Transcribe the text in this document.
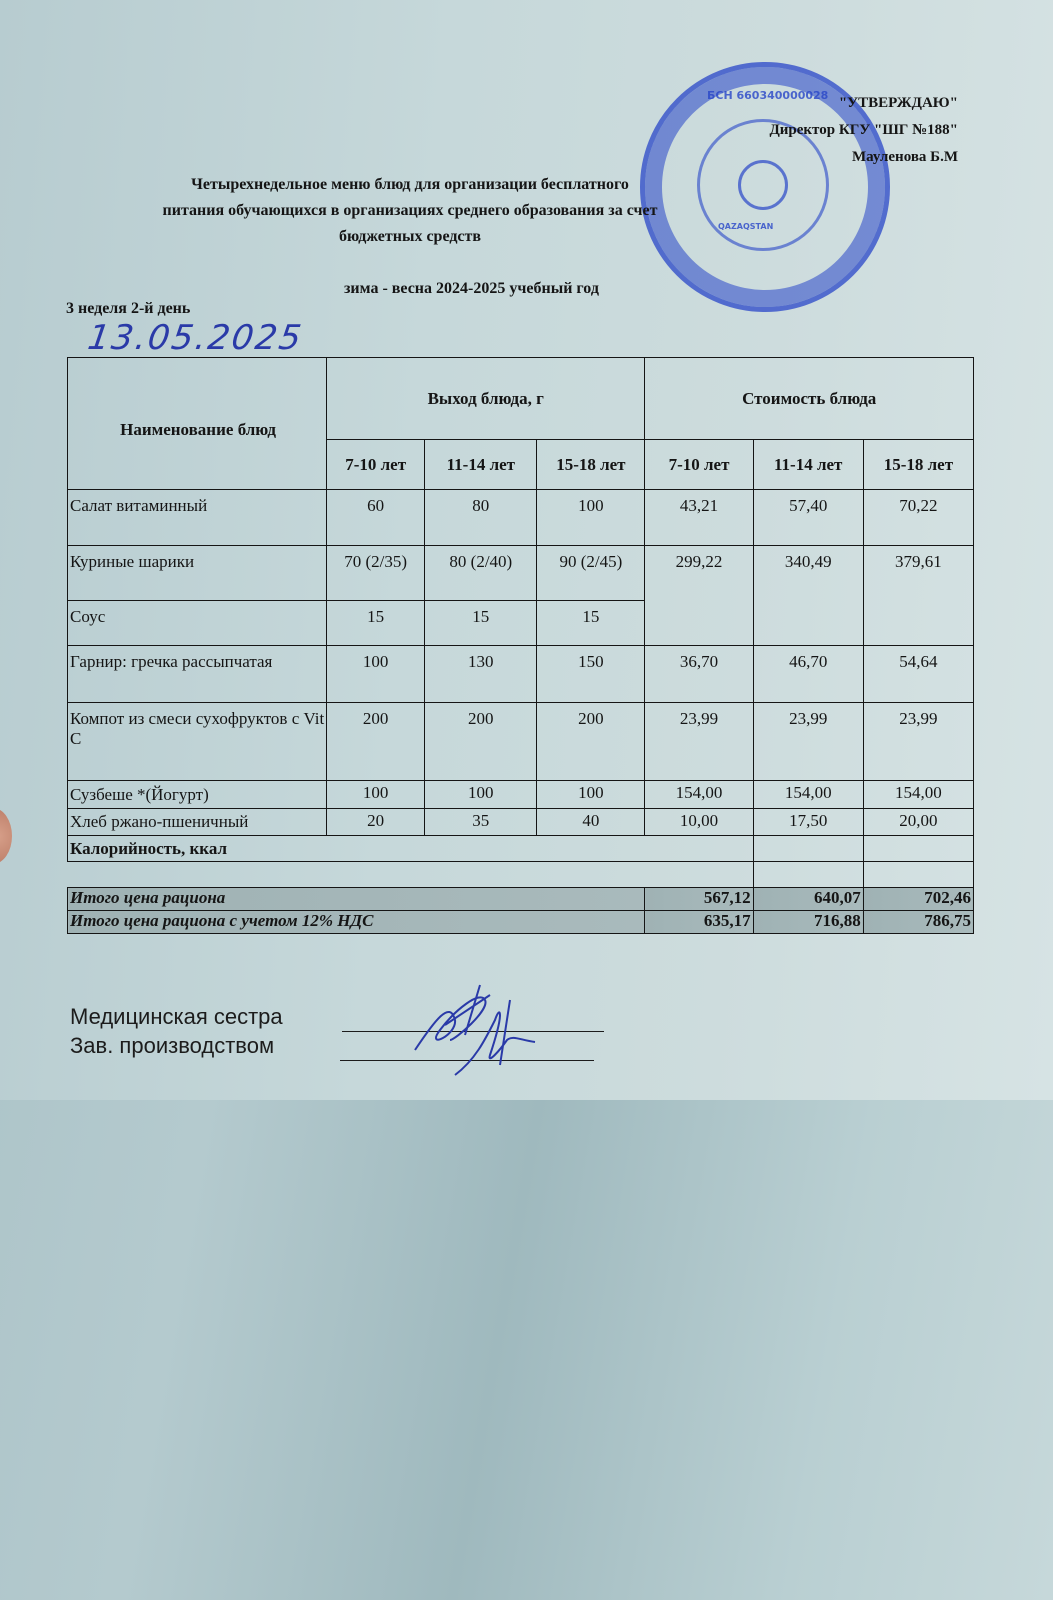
QAZAQSTAN
БСН 660340000028 "УТВЕРЖДАЮ"
Директор КГУ "ШГ №188"
Мауленова Б.М
Четырехнедельное меню блюд для организации бесплатного
питания обучающихся в организациях среднего образования за счет
бюджетных средств
зима - весна 2024-2025 учебный год
3 неделя 2-й день
13.05.2025
Наименование блюд	Выход блюда, г			Стоимость блюда		
	7-10 лет	11-14 лет	15-18 лет	7-10 лет	11-14 лет	15-18 лет
Салат витаминный	60	80	100	43,21	57,40	70,22
Куриные шарики	70 (2/35)	80 (2/40)	90 (2/45)	299,22	340,49	379,61
Соус	15	15	15			
Гарнир: гречка рассыпчатая	100	130	150	36,70	46,70	54,64
Компот из смеси сухофруктов с Vit C	200	200	200	23,99	23,99	23,99
Сузбеше *(Йогурт)	100	100	100	154,00	154,00	154,00
Хлеб ржано-пшеничный	20	35	40	10,00	17,50	20,00
Калорийность, ккал						

Итого цена рациона				567,12	640,07	702,46
Итого цена рациона с учетом 12% НДС				635,17	716,88	786,75
Медицинская сестра
Зав. производством
